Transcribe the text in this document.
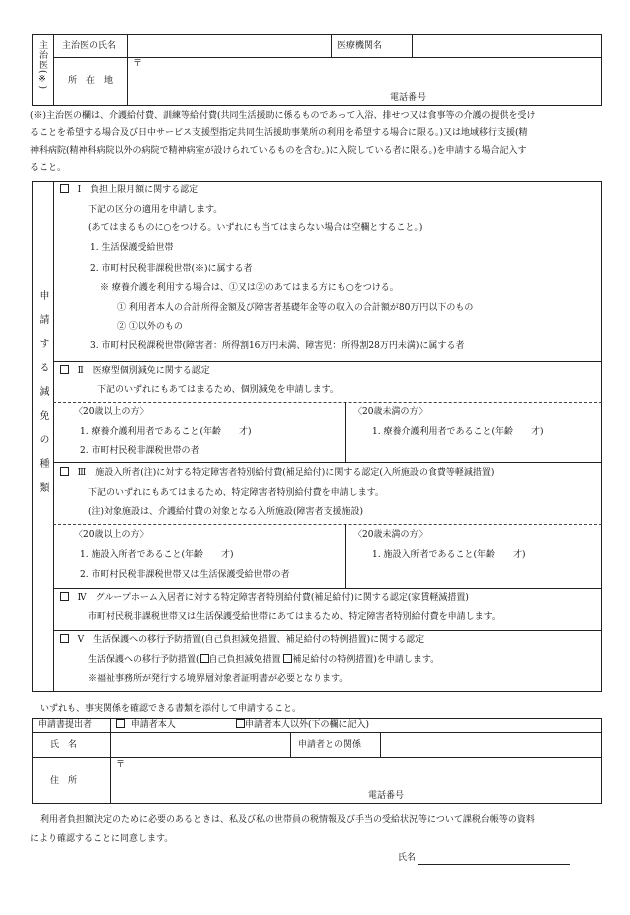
主治医(※) 主治医の氏名	医療機関名
所　在　地
〒
電話番号
(※)主治医の欄は、介護給付費、訓練等給付費(共同生活援助に係るものであって入浴、排せつ又は食事等の介護の提供を受け
ることを希望する場合及び日中サービス支援型指定共同生活援助事業所の利用を希望する場合に限る。)又は地域移行支援(精
神科病院(精神科病院以外の病院で精神病室が設けられているものを含む。)に入院している者に限る。)を申請する場合記入す
ること。
申請する減免の種類
Ⅰ　負担上限月額に関する認定
下記の区分の適用を申請します。
(あてはまるものに○をつける。いずれにも当てはまらない場合は空欄とすること。)
1. 生活保護受給世帯
2. 市町村民税非課税世帯(※)に属する者
※ 療養介護を利用する場合は、①又は②のあてはまる方にも○をつける。
① 利用者本人の合計所得金額及び障害者基礎年金等の収入の合計額が80万円以下のもの
② ①以外のもの
3. 市町村民税課税世帯(障害者：所得割16万円未満、障害児：所得割28万円未満)に属する者
Ⅱ　医療型個別減免に関する認定
下記のいずれにもあてはまるため、個別減免を申請します。
〈20歳以上の方〉	〈20歳未満の方〉
1. 療養介護利用者であること(年齢　　才)
2. 市町村民税非課税世帯の者
1. 療養介護利用者であること(年齢　　才)
Ⅲ　施設入所者(注)に対する特定障害者特別給付費(補足給付)に関する認定(入所施設の食費等軽減措置)
下記のいずれにもあてはまるため、特定障害者特別給付費を申請します。
(注)対象施設は、介護給付費の対象となる入所施設(障害者支援施設)
〈20歳以上の方〉	〈20歳未満の方〉
1. 施設入所者であること(年齢　　才)
2. 市町村民税非課税世帯又は生活保護受給世帯の者
1. 施設入所者であること(年齢　　才)
Ⅳ　グループホーム入居者に対する特定障害者特別給付費(補足給付)に関する認定(家賃軽減措置)
市町村民税非課税世帯又は生活保護受給世帯にあてはまるため、特定障害者特別給付費を申請します。
Ⅴ　生活保護への移行予防措置(自己負担減免措置、補足給付の特例措置)に関する認定
生活保護への移行予防措置( 自己負担減免措置 補足給付の特例措置)を申請します。
※福祉事務所が発行する境界層対象者証明書が必要となります。
いずれも、事実関係を確認できる書類を添付して申請すること。
申請書提出者	申請者本人	申請者本人以外(下の欄に記入)
氏　名	申請者との関係
住　所
〒
電話番号
利用者負担額決定のために必要のあるときは、私及び私の世帯員の税情報及び手当の受給状況等について課税台帳等の資料
により確認することに同意します。
氏名
